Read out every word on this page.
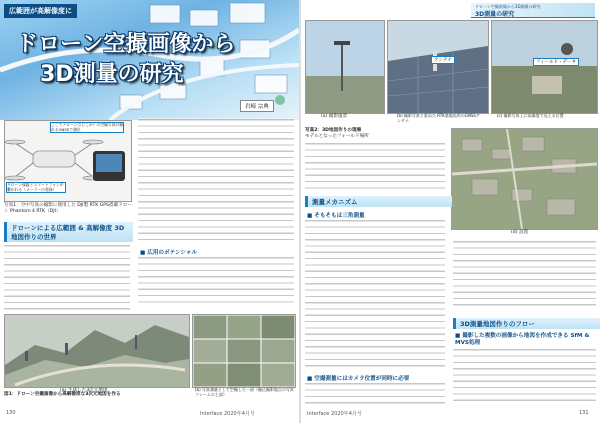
広範囲が高解像度に
ドローン空撮画像から
3D測量の研究
岩崎 宗典
ここでドローンはどこか？の空撮写真が撮れるGNSSで測位
ドローン操縦とスマートフォンが繋がれる（メーラーの登録）
写真1：空中写真の撮影に使用した DJI製 RTK GPS搭載ドローン Phantom 4 RTK（DJI）
ドローンによる広範囲 & 高解像度 3D地図作りの世界
■ 広用のポテンシャル
(a) 生成した3次元地図	(b) 写真測量として空撮した一部（撮込撮影地点の写真フレームの上部）
図1：ドローン空撮画像から高解像度な3次元地図を作る
130	Interface 2020年4月号
ドローン空撮画像から3D測量の研究
3D測量の研究
アンテナ	フィールド・データ
(a) 撮影風景	(b) 撮影写真と重ねた RTK基地局用のGNSSアンテナ
(c) 撮影写真上に高像度で見える位置
写真2：3D地図作りの現場
モデルとなったフォールド場所
(d) 設置
測量メカニズム
■ そもそもは三角測量
■ 空撮測量にはカメラ位置が同時に必要
3D測量地図作りのフロー
■ 撮影した複数の画像から地図を作成できる SfM & MVS処理
Interface 2020年4月号	131
